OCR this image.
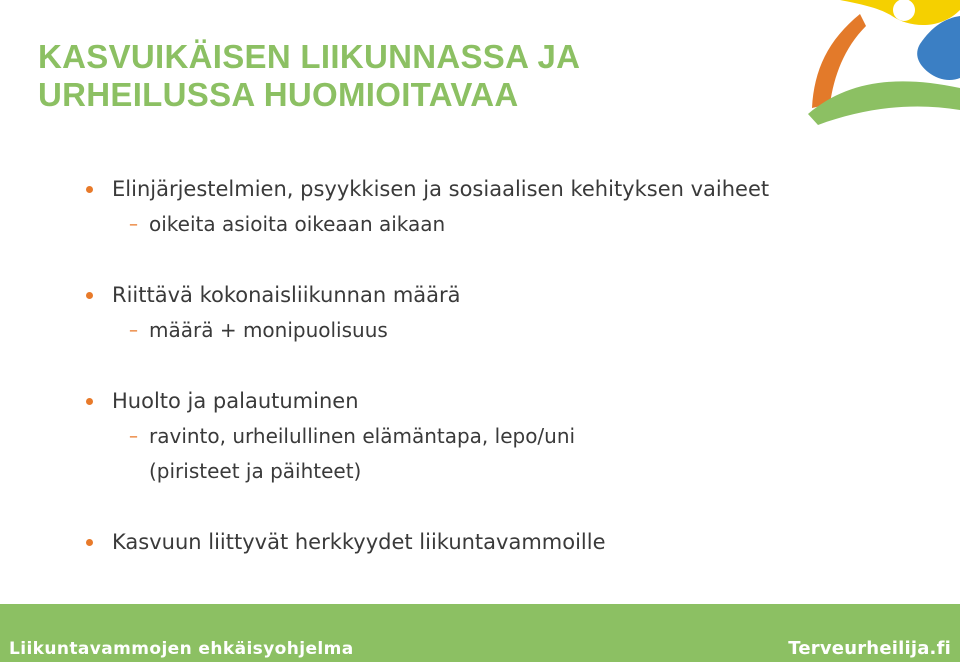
KASVUIKÄISEN LIIKUNNASSA JA
URHEILUSSA HUOMIOITAVAA
Elinjärjestelmien, psyykkisen ja sosiaalisen kehityksen vaiheet
– oikeita asioita oikeaan aikaan
Riittävä kokonaisliikunnan määrä
– määrä + monipuolisuus
Huolto ja palautuminen
– ravinto, urheilullinen elämäntapa, lepo/uni
(piristeet ja päihteet)
Kasvuun liittyvät herkkyydet liikuntavammoille
Liikuntavammojen ehkäisyohjelma	Terveurheilija.fi
